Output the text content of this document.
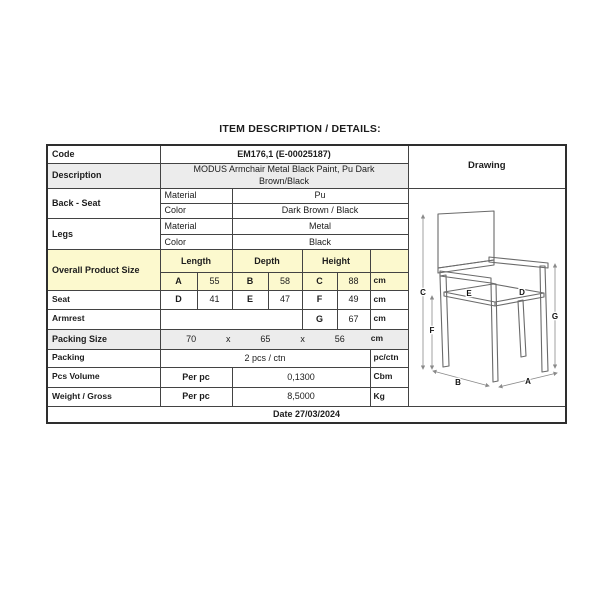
ITEM DESCRIPTION / DETAILS:
Code	EM176,1 (E-00025187)							Drawing
Description	MODUS Armchair Metal Black Paint, Pu Dark Brown/Black							

Back - Seat	Material	Pu	
C
F
G
E	D
B	A

	Color		Dark Brown / Black					
Legs	Material		Metal					
	Color		Black					
Overall Product Size	Length		Depth		Height			
	A	55	B	58	C	88	cm	
Seat	D	41	E	47	F	49	cm	
Armrest					G	67	cm	
Packing Size	70	x	65	x	56	cm

Packing	2 pcs / ctn						pc/ctn	
Pcs Volume	Per pc		0,1300				Cbm	
Weight / Gross	Per pc		8,5000				Kg	
Date 27/03/2024								
